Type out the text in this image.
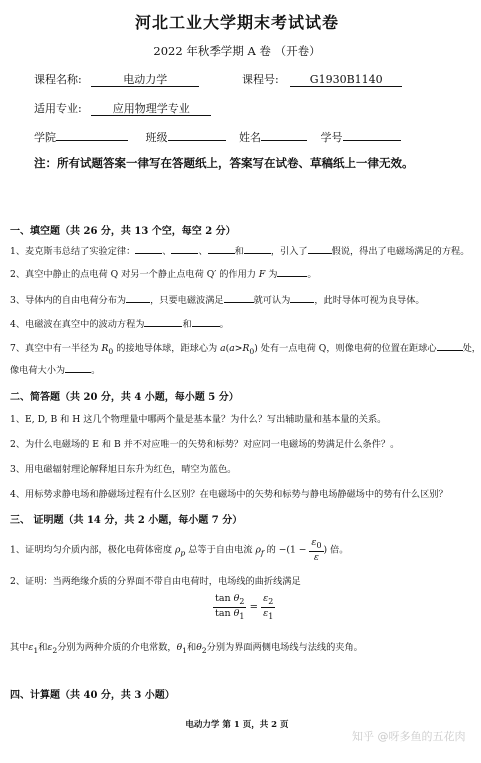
河北工业大学期末考试试卷
2022 年秋季学期 A 卷 （开卷）
课程名称:	电动力学	课程号:	G1930B1140
适用专业:	应用物理学专业
学院	班级	姓名	学号
注：所有试题答案一律写在答题纸上，答案写在试卷、草稿纸上一律无效。
一、填空题（共 26 分，共 13 个空，每空 2 分）
1、麦克斯韦总结了实验定律：	、	、	和	，引入了	假说，得出了电磁场满足的方程。
2、真空中静止的点电荷 Q 对另一个静止点电荷 Q′ 的作用力 F 为	。
3、导体内的自由电荷分布为	，只要电磁波满足	就可认为	，此时导体可视为良导体。
4、电磁波在真空中的波动方程为	和	。
7、真空中有一半径为 $R_0$ 的接地导体球，距球心为 $a(a>R_0)$ 处有一点电荷 Q，则像电荷的位置在距球心	处，
像电荷大小为	。
二、简答题（共 20 分，共 4 小题，每小题 5 分）
1、E, D, B 和 H 这几个物理量中哪两个量是基本量？为什么？写出辅助量和基本量的关系。
2、为什么电磁场的 E 和 B 并不对应唯一的矢势和标势？对应同一电磁场的势满足什么条件？。
3、用电磁辐射理论解释旭日东升为红色，晴空为蓝色。
4、用标势求静电场和静磁场过程有什么区别？在电磁场中的矢势和标势与静电场静磁场中的势有什么区别？
三、 证明题（共 14 分，共 2 小题，每小题 7 分）
1、证明均匀介质内部，极化电荷体密度 $\rho_p$ 总等于自由电流 $\rho_f$ 的 $-(1 - \frac{\varepsilon_0}{\varepsilon}$ ) 倍。
2、证明：当两绝缘介质的分界面不带自由电荷时，电场线的曲折线满足
$\frac{\tan \theta_2}{\tan \theta_1} = \frac{\varepsilon_2}{\varepsilon_1}$
其中$\varepsilon_1$和$\varepsilon_2$分别为两种介质的介电常数，$\theta_1$和$\theta_2$分别为界面两侧电场线与法线的夹角。
四、计算题（共 40 分，共 3 小题）
电动力学 第 1 页，共 2 页
知乎 @呀多鱼的五花肉
